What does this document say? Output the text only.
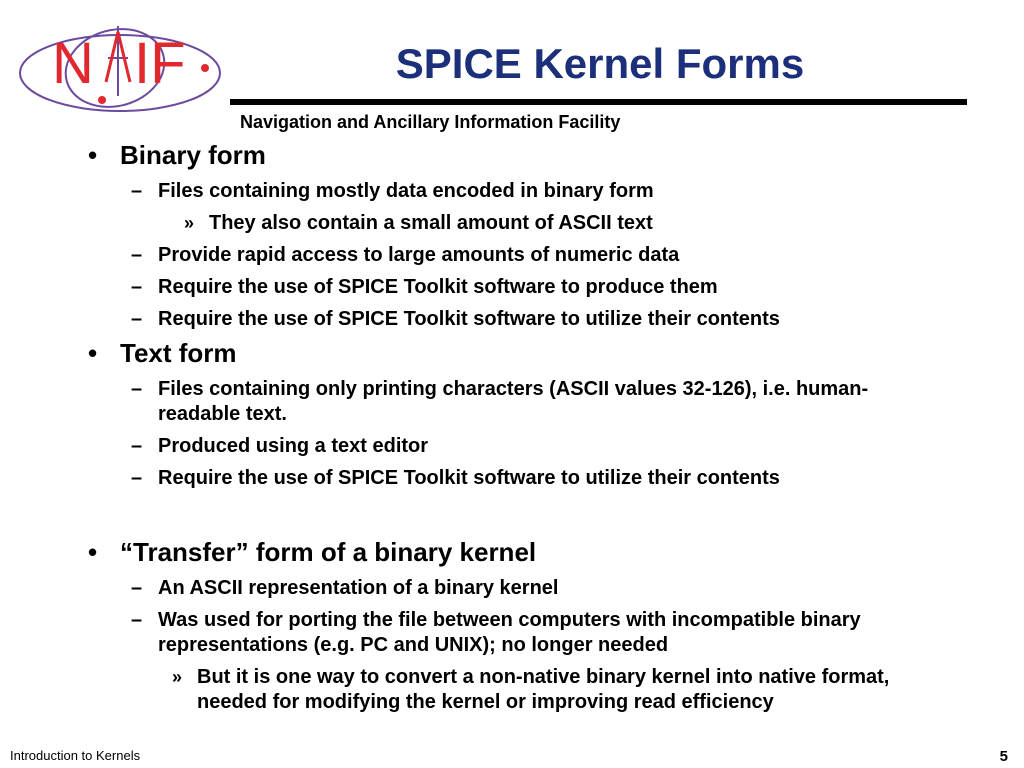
N IF	SPICE Kernel Forms
Navigation and Ancillary Information Facility
• Binary form
– Files containing mostly data encoded in binary form
» They also contain a small amount of ASCII text
– Provide rapid access to large amounts of numeric data
– Require the use of SPICE Toolkit software to produce them
– Require the use of SPICE Toolkit software to utilize their contents
• Text form
– Files containing only printing characters (ASCII values 32-126), i.e. human-readable text.
– Produced using a text editor
– Require the use of SPICE Toolkit software to utilize their contents
• “Transfer” form of a binary kernel
– An ASCII representation of a binary kernel
– Was used for porting the file between computers with incompatible binary representations (e.g. PC and UNIX); no longer needed
» But it is one way to convert a non-native binary kernel into native format, needed for modifying the kernel or improving read efficiency
Introduction to Kernels	5
